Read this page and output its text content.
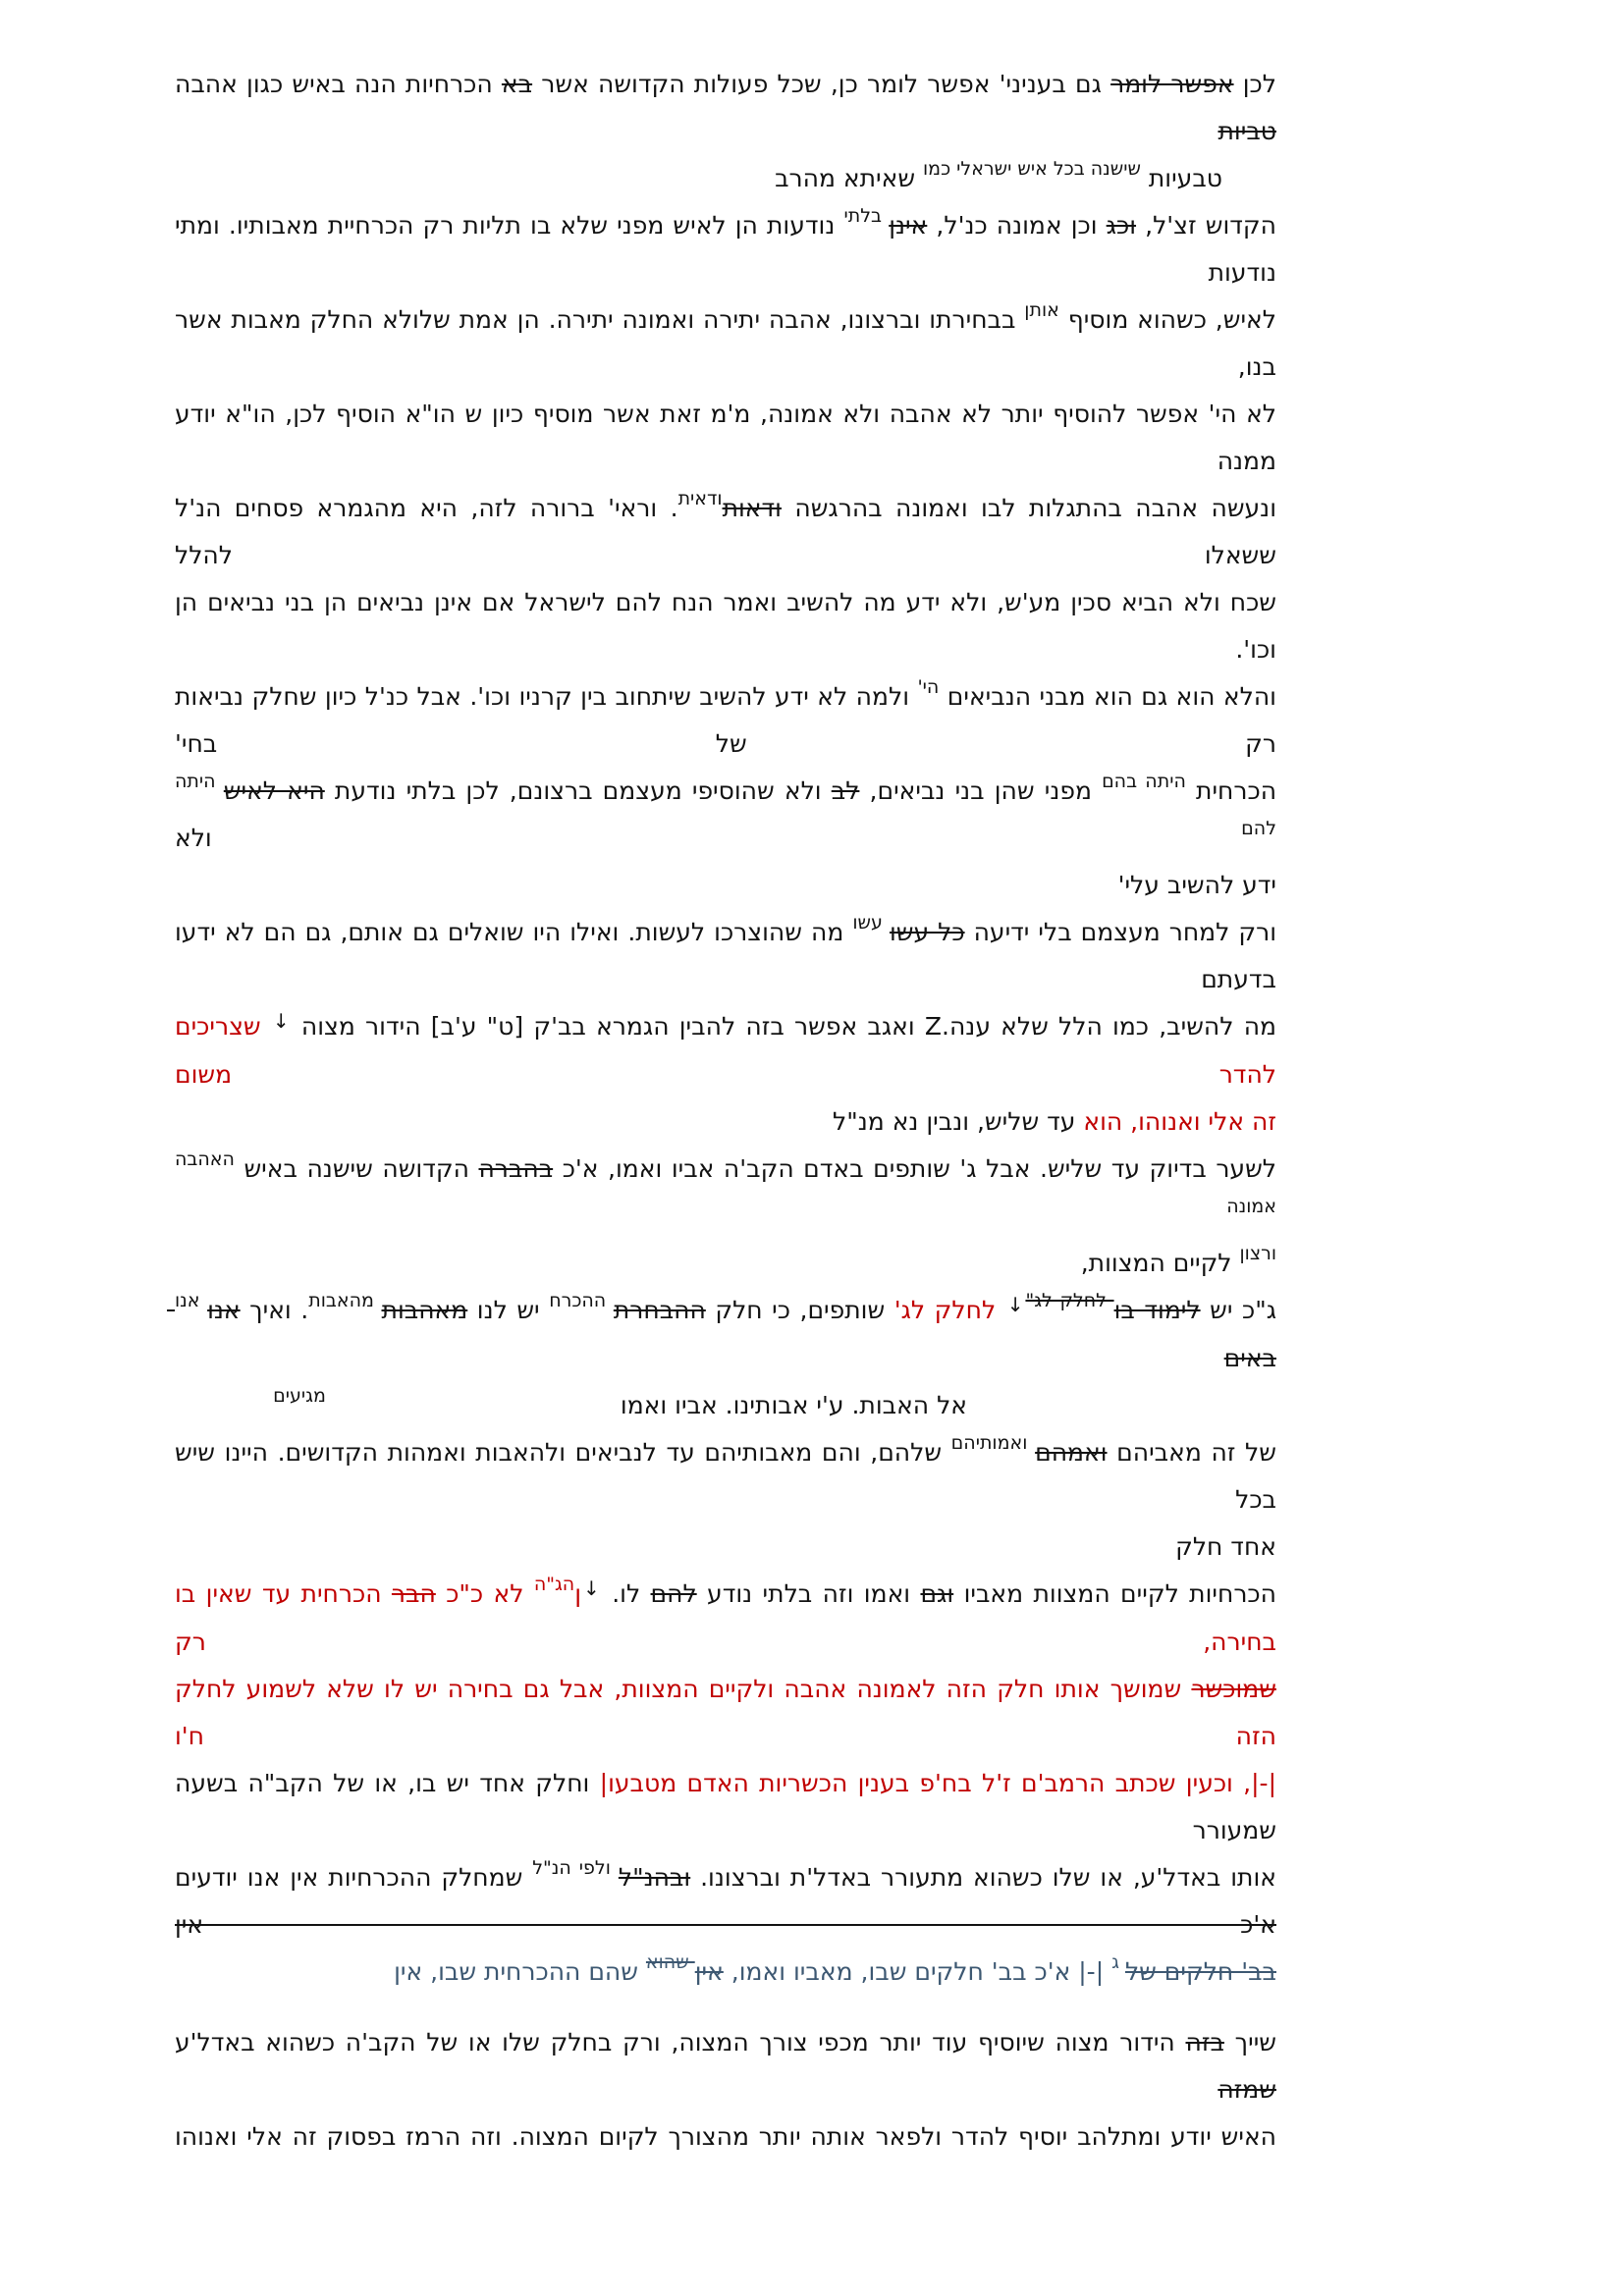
לכן אפשר לומר גם בעניני' אפשר לומר כן, שכל פעולות הקדושה אשר בא הכרחיות הנה באיש כגון אהבה טביות
טבעיות $^{שישנה בכל איש ישראלי כמו}$ שאיתא מהרב
הקדוש זצ'ל, וכג וכן אמונה כנ'ל, אינן $^{בלתי}$ נודעות הן לאיש מפני שלא בו תליות רק הכרחיית מאבותיו. ומתי נודעות
לאיש, כשהוא מוסיף $^{אותן}$ בבחירתו וברצונו, אהבה יתירה ואמונה יתירה. הן אמת שלולא החלק מאבות אשר בנו,
לא הי' אפשר להוסיף יותר לא אהבה ולא אמונה, מ'מ זאת אשר מוסיף כיון ש הו"א הוסיף לכן, הו"א יודע ממנה
ונעשה אהבה בהתגלות לבו ואמונה בהרגשה ודאות$^{ודאית}$. וראי' ברורה לזה, היא מהגמרא פסחים הנ'ל ששאלו להלל
שכח ולא הביא סכין מע'ש, ולא ידע מה להשיב ואמר הנח להם לישראל אם אינן נביאים הן בני נביאים הן וכו'.
והלא הוא גם הוא מבני הנביאים $^{הי'}$ ולמה לא ידע להשיב שיתחוב בין קרניו וכו'. אבל כנ'ל כיון שחלק נביאות רק של בחי'
הכרחית $^{היתה בהם}$ מפני שהן בני נביאים, לב ולא שהוסיפי מעצמם ברצונם, לכן בלתי נודעת היא לאיש $^{היתה להם}$ ולא
ידע להשיב עלי'
ורק למחר מעצמם בלי ידיעה כל עשו $^{עשו}$ מה שהוצרכו לעשות. ואילו היו שואלים גם אותם, גם הם לא ידעו בדעתם
מה להשיב, כמו הלל שלא ענה.Z ואגב אפשר בזה להבין הגמרא בב'ק [ט" ע'ב] הידור מצוה ↓ שצריכים להדר משום
זה אלי ואנוהו, הוא עד שליש, ונבין נא מנ"ל
לשער בדיוק עד שליש. אבל ג' שותפים באדם הקב'ה אביו ואמו, א'כ בהברה הקדושה שישנה באיש $^{האהבה אמונה}$
$^{ורצון}$ לקיים המצוות,
ג"כ יש לימוד בו $^{לחלק לג"↓}$ לחלק לג' שותפים, כי חלק ההבחרת $^{ההכרח}$ יש לנו מאהבות $^{מהאבות}$. ואיך אנו $^{אנו}$ באים
אל האבות. ע'י אבותינו. אביו ואמו$^{מגיעים}$
של זה מאביהם ואמהם $^{ואמותיהם}$ שלהם, והם מאבותיהם עד לנביאים ולהאבות ואמהות הקדושים. היינו שיש בכל
אחד חלק
הכרחיות לקיים המצוות מאביו וגם ואמו וזה בלתי נודע להם לו. ↓ן$^{הג"ה}$ לא כ"כ הבר הכרחית עד שאין בו בחירה, רק
שמוכשר שמושך אותו חלק הזה לאמונה אהבה ולקיים המצוות, אבל גם בחירה יש לו שלא לשמוע לחלק הזה ח'ו
|-|, וכעין שכתב הרמב'ם ז'ל בח'פ בענין הכשריות האדם מטבעו| וחלק אחד יש בו, או של הקב"ה בשעה שמעורר
אותו באדל'ע, או שלו כשהוא מתעורר באדל'ת וברצונו. ובהנ"ל $^{ולפי הנ"ל}$ שמחלק ההכרחיות אין אנו יודעים א'כ אין
בב' חלקים של $^ג$ |-| א'כ בב' חלקים שבו, מאביו ואמו, אין $^{שהוא}$ שהם ההכרחית שבו, אין
שייך בזה הידור מצוה שיוסיף עוד יותר מכפי צורך המצוה, ורק בחלק שלו או של הקב'ה כשהוא באדל'ע שמזה
האיש יודע ומתלהב יוסיף להדר ולפאר אותה יותר מהצורך לקיום המצוה. וזה הרמז בפסוק זה אלי ואנוהו
